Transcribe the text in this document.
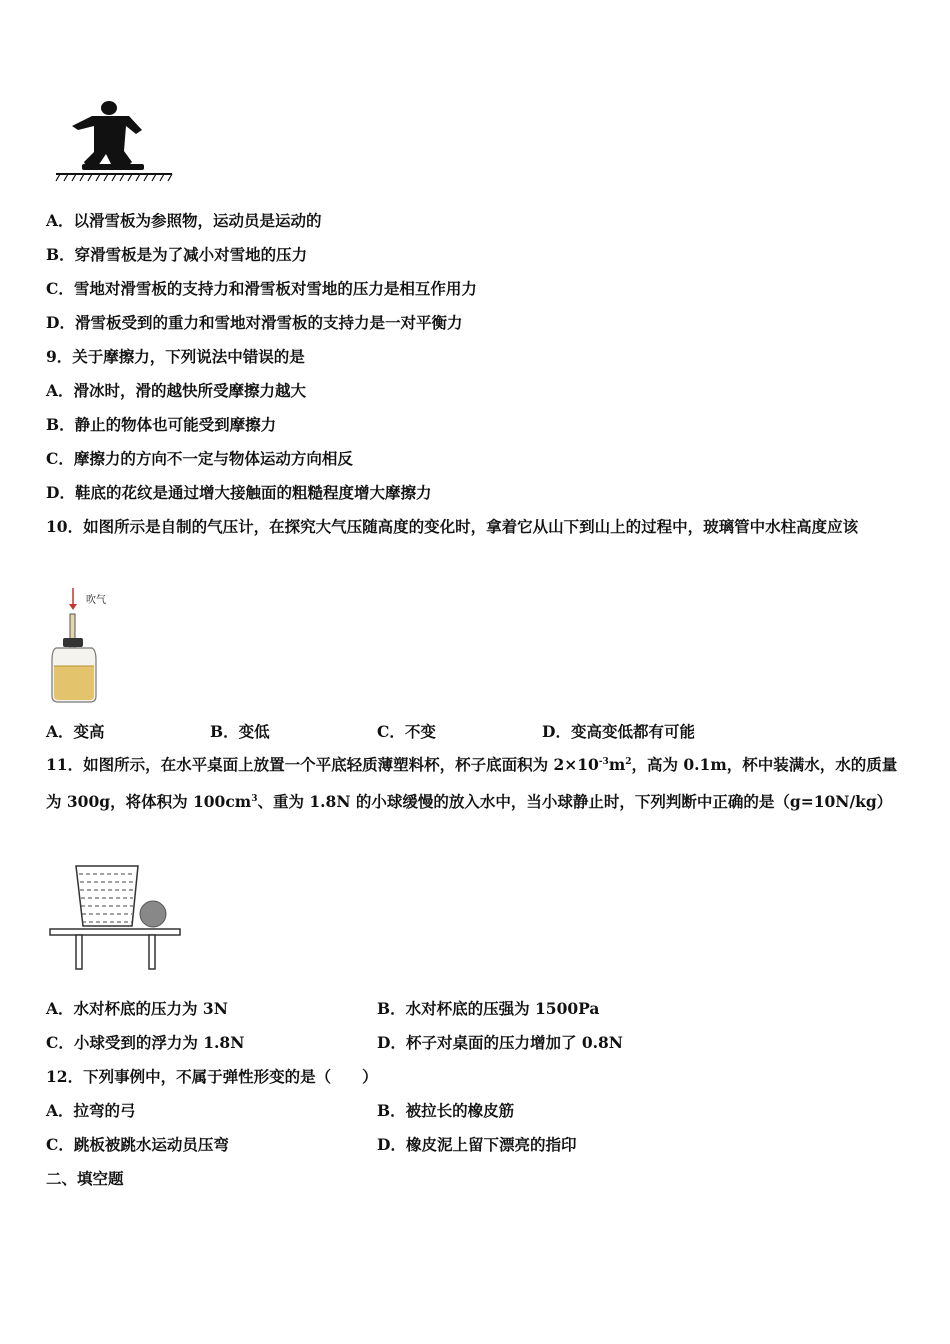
A．以滑雪板为参照物，运动员是运动的
B．穿滑雪板是为了减小对雪地的压力
C．雪地对滑雪板的支持力和滑雪板对雪地的压力是相互作用力
D．滑雪板受到的重力和雪地对滑雪板的支持力是一对平衡力
9．关于摩擦力，下列说法中错误的是
A．滑冰时，滑的越快所受摩擦力越大
B．静止的物体也可能受到摩擦力
C．摩擦力的方向不一定与物体运动方向相反
D．鞋底的花纹是通过增大接触面的粗糙程度增大摩擦力
10．如图所示是自制的气压计，在探究大气压随高度的变化时，拿着它从山下到山上的过程中，玻璃管中水柱高度应该
吹气
A．变高	B．变低	C．不变	D．变高变低都有可能
11．如图所示，在水平桌面上放置一个平底轻质薄塑料杯，杯子底面积为 $2\times 10^{-3}m^2$，高为 0.1m，杯中装满水，水的质量为 300g，将体积为 $100cm^3$、重为 1.8N 的小球缓慢的放入水中，当小球静止时，下列判断中正确的是（g=10N/kg）
A．水对杯底的压力为 3N	B．水对杯底的压强为 1500Pa
C．小球受到的浮力为 1.8N	D．杯子对桌面的压力增加了 0.8N
12．下列事例中，不属于弹性形变的是（　　）
A．拉弯的弓	B．被拉长的橡皮筋
C．跳板被跳水运动员压弯	D．橡皮泥上留下漂亮的指印
二、填空题
